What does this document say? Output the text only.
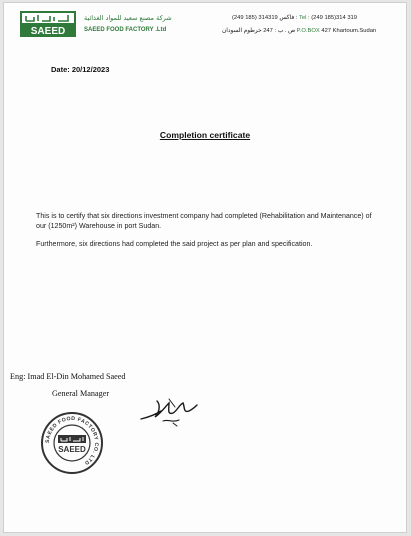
SAEED
شركة مصنع سعيد للمواد الغذائية
SAEED FOOD FACTORY .Ltd
(249 185) 314319 فاكس : Tel : (249 185)314 319
ص . ب : 247 خرطوم السودان P.O.BOX 427 Khartoum.Sudan
Date: 20/12/2023
Completion certificate
This is to certify that six directions investment company had completed (Rehabilitation and Maintenance) of our (1250m²) Warehouse in port Sudan.
Furthermore, six directions had completed the said project as per plan and specification.
Eng: Imad El-Din Mohamed Saeed
General Manager
SAEED FOOD FACTORY CO. LTD
SAEED
